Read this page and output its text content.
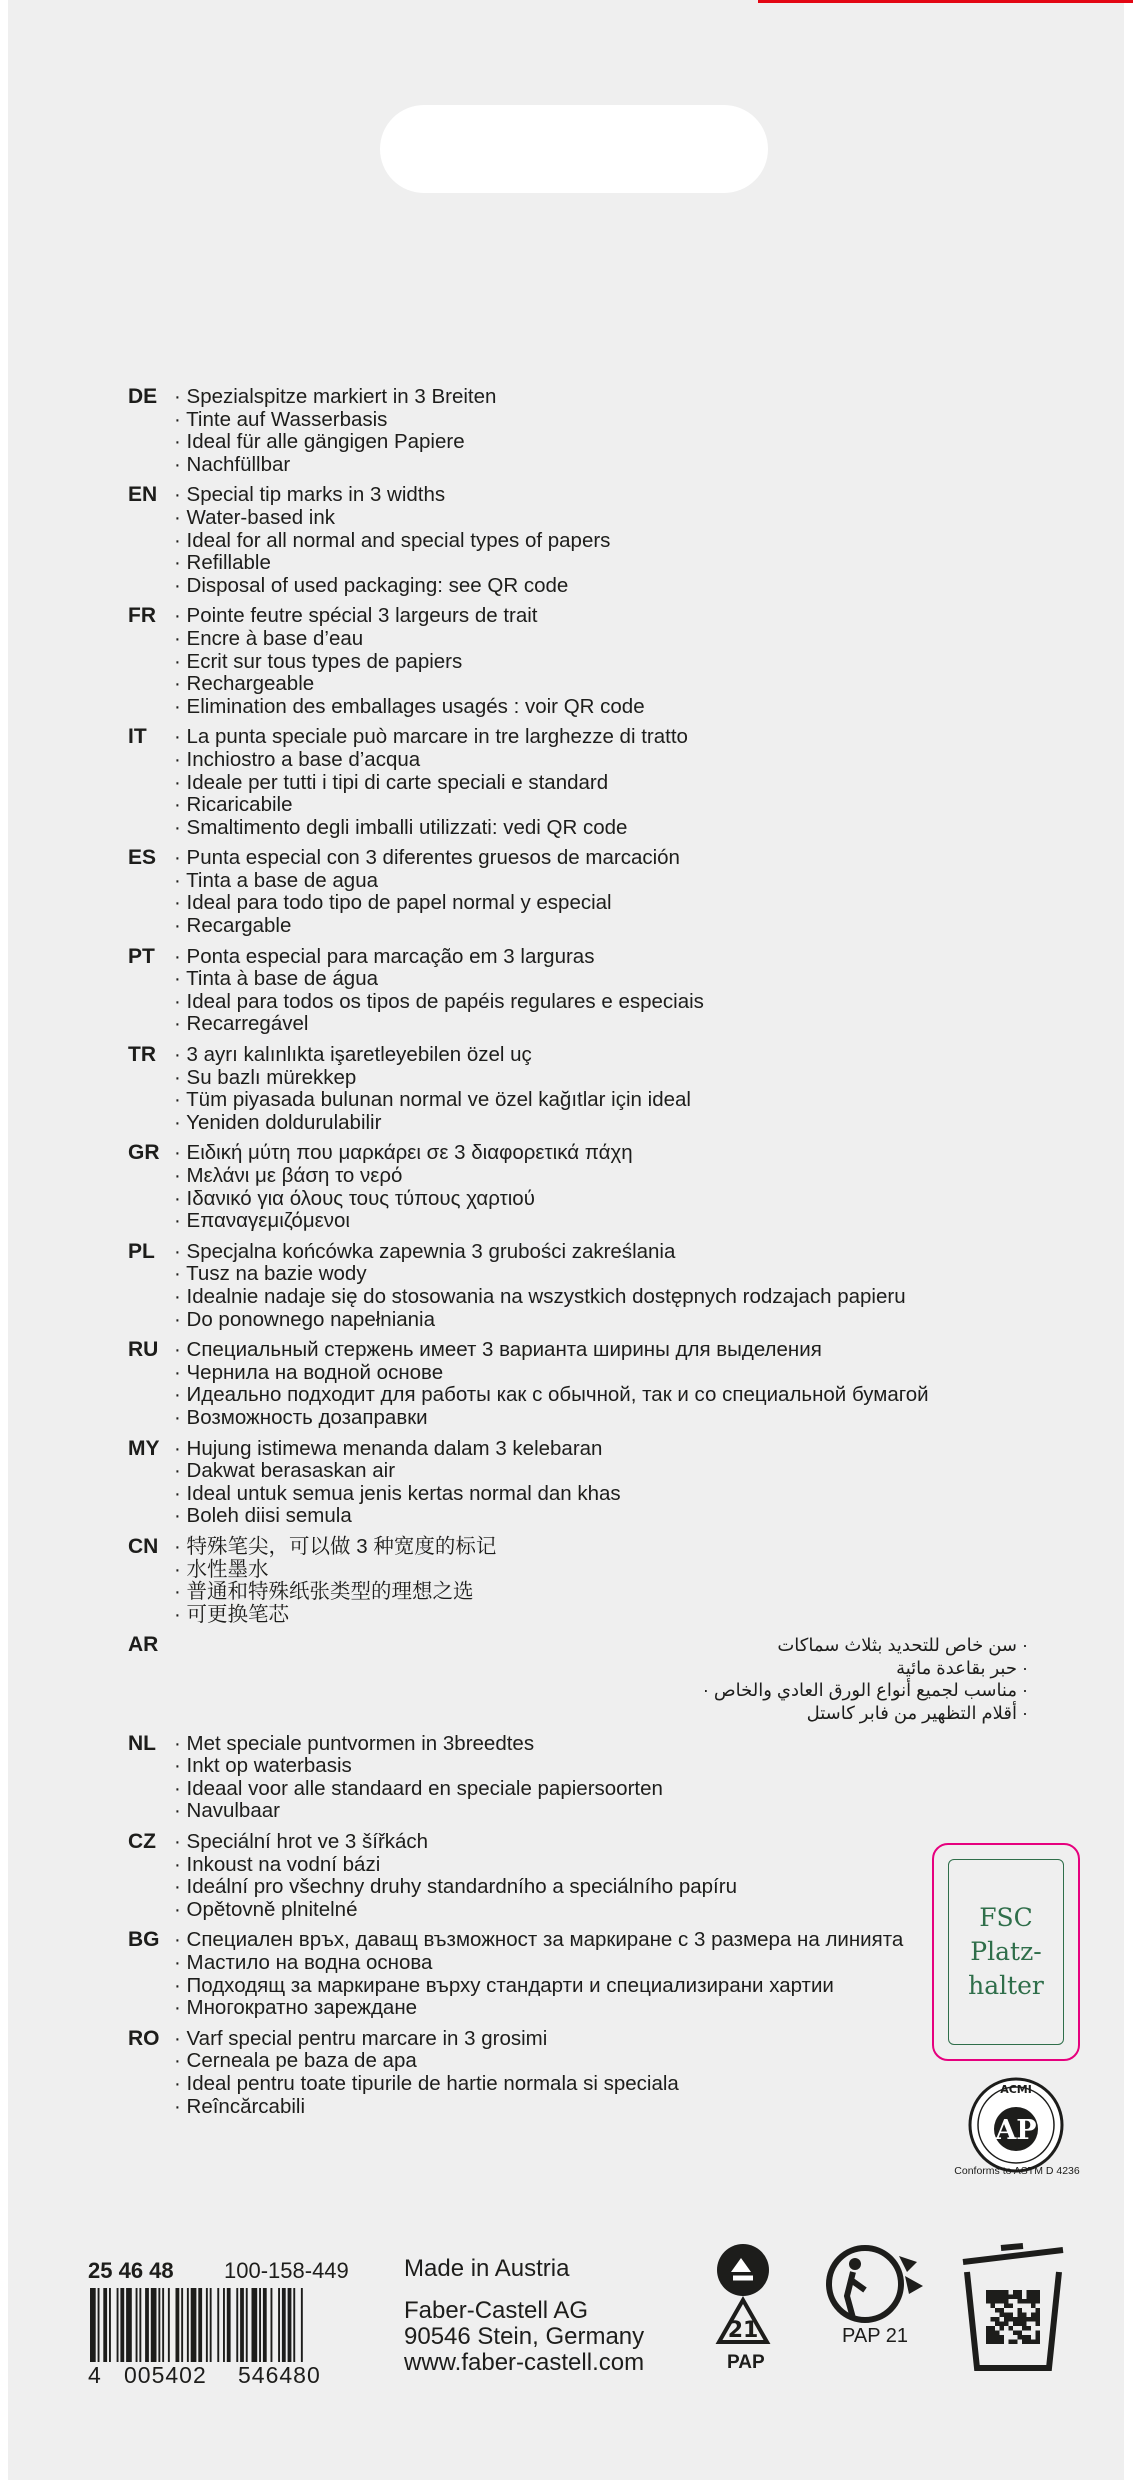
DE · Spezialspitze markiert in 3 Breiten
· Tinte auf Wasserbasis
· Ideal für alle gängigen Papiere
· Nachfüllbar
EN · Special tip marks in 3 widths
· Water-based ink
· Ideal for all normal and special types of papers
· Refillable
· Disposal of used packaging: see QR code
FR · Pointe feutre spécial 3 largeurs de trait
· Encre à base d’eau
· Ecrit sur tous types de papiers
· Rechargeable
· Elimination des emballages usagés : voir QR code
IT	· La punta speciale può marcare in tre larghezze di tratto
· Inchiostro a base d’acqua
· Ideale per tutti i tipi di carte speciali e standard
· Ricaricabile
· Smaltimento degli imballi utilizzati: vedi QR code
ES · Punta especial con 3 diferentes gruesos de marcación
· Tinta a base de agua
· Ideal para todo tipo de papel normal y especial
· Recargable
PT · Ponta especial para marcação em 3 larguras
· Tinta à base de água
· Ideal para todos os tipos de papéis regulares e especiais
· Recarregável
TR · 3 ayrı kalınlıkta işaretleyebilen özel uç
· Su bazlı mürekkep
· Tüm piyasada bulunan normal ve özel kağıtlar için ideal
· Yeniden doldurulabilir
GR · Ειδική μύτη που μαρκάρει σε 3 διαφορετικά πάχη
· Μελάνι με βάση το νερό
· Ιδανικό για όλους τους τύπους χαρτιού
· Επαναγεμιζόμενοι
PL · Specjalna końcówka zapewnia 3 grubości zakreślania
· Tusz na bazie wody
· Idealnie nadaje się do stosowania na wszystkich dostępnych rodzajach papieru
· Do ponownego napełniania
RU · Специальный стержень имеет 3 варианта ширины для выделения
· Чернила на водной основе
· Идеально подходит для работы как с обычной, так и со специальной бумагой
· Возможность дозаправки
MY · Hujung istimewa menanda dalam 3 kelebaran
· Dakwat berasaskan air
· Ideal untuk semua jenis kertas normal dan khas
· Boleh diisi semula
CN · 特殊笔尖，可以做 3 种宽度的标记
· 水性墨水
· 普通和特殊纸张类型的理想之选
· 可更换笔芯
AR	· سن خاص للتحديد بثلاث سماكات
· حبر بقاعدة مائية
· مناسب لجميع أنواع الورق العادي والخاص ·
· أقلام التظهير من فابر كاستل
NL · Met speciale puntvormen in 3breedtes
· Inkt op waterbasis
· Ideaal voor alle standaard en speciale papiersoorten
· Navulbaar
CZ · Speciální hrot ve 3 šířkách
· Inkoust na vodní bázi
· Ideální pro všechny druhy standardního a speciálního papíru
· Opětovně plnitelné
BG · Специален връх, даващ възможност за маркиране с 3 размера на линията
· Мастило на водна основа
· Подходящ за маркиране върху стандарти и специализирани хартии
· Многократно зареждане
RO · Varf special pentru marcare in 3 grosimi
· Cerneala pe baza de apa
· Ideal pentru toate tipurile de hartie normala si speciala
· Reîncărcabili
FSC
Platz-
halter
ACMI
AP
Conforms to ASTM D 4236
25 46 48 100-158-449 Made in Austria
Faber-Castell AG
90546 Stein, Germany
www.faber-castell.com
4 005402 546480
21
PAP
PAP 21
